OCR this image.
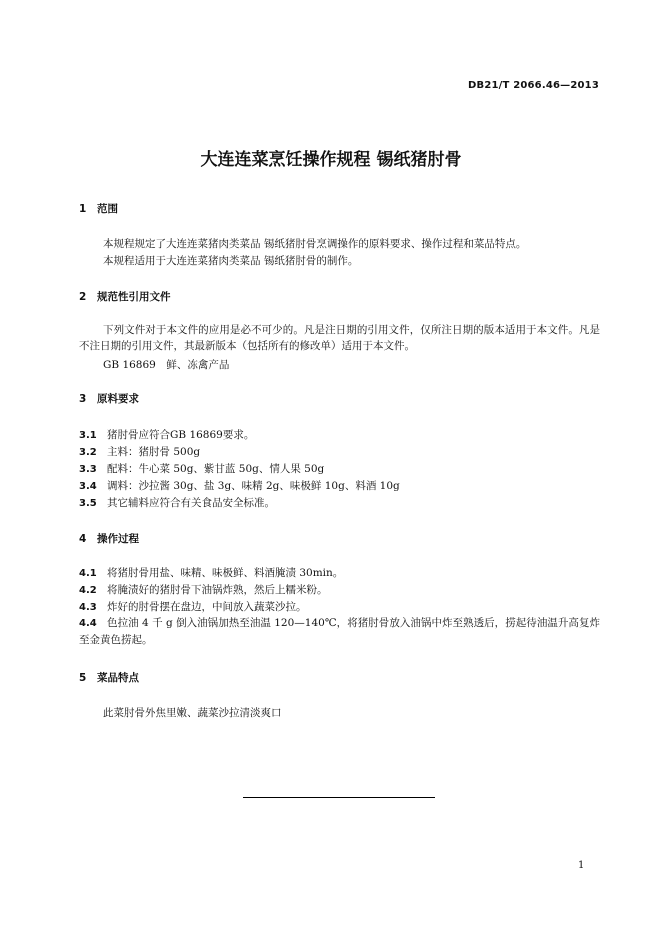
DB21/T 2066.46—2013
大连连菜烹饪操作规程 锡纸猪肘骨
1 范围
本规程规定了大连连菜猪肉类菜品 锡纸猪肘骨烹调操作的原料要求、操作过程和菜品特点。
本规程适用于大连连菜猪肉类菜品 锡纸猪肘骨的制作。
2 规范性引用文件
下列文件对于本文件的应用是必不可少的。凡是注日期的引用文件，仅所注日期的版本适用于本文件。凡是不注日期的引用文件，其最新版本（包括所有的修改单）适用于本文件。
GB 16869　鲜、冻禽产品
3 原料要求
3.1 猪肘骨应符合GB 16869要求。
3.2 主料：猪肘骨 500g
3.3 配料：牛心菜 50g、紫甘蓝 50g、情人果 50g
3.4 调料：沙拉酱 30g、盐 3g、味精 2g、味极鲜 10g、料酒 10g
3.5 其它辅料应符合有关食品安全标准。
4 操作过程
4.1 将猪肘骨用盐、味精、味极鲜、料酒腌渍 30min。
4.2 将腌渍好的猪肘骨下油锅炸熟，然后上糯米粉。
4.3 炸好的肘骨摆在盘边，中间放入蔬菜沙拉。
4.4 色拉油 4 千 g 倒入油锅加热至油温 120—140℃，将猪肘骨放入油锅中炸至熟透后，捞起待油温升高复炸至金黄色捞起。
5 菜品特点
此菜肘骨外焦里嫩、蔬菜沙拉清淡爽口
1
